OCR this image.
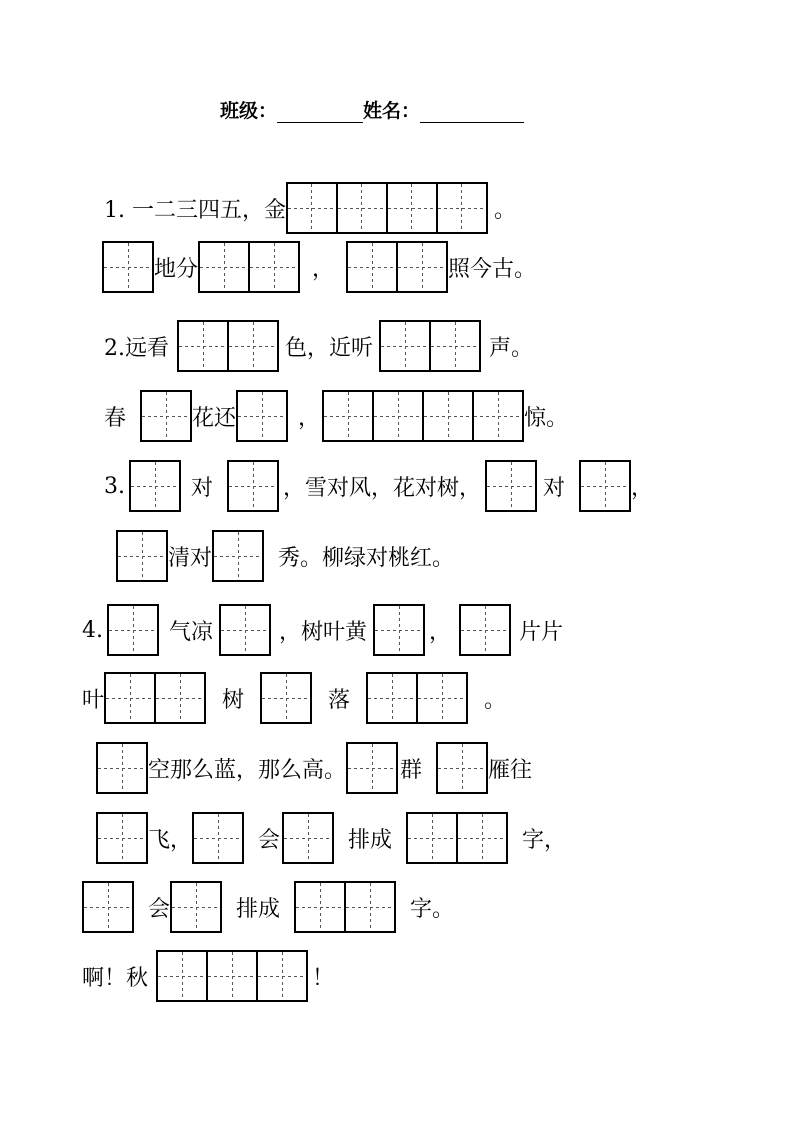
班级：	姓名：
1. 一二三四五，金	。
地分	，	照今古。
2.远看	色，近听	声。
春	花还	，	惊。
3.	对	，雪对风，花对树，	对	，
清对	秀。柳绿对桃红。
4.	气凉	，树叶黄	，	片片
叶	树	落	。
空那么蓝，那么高。 群	雁往
飞，	会	排成	字，
会	排成	字。
啊！秋	！
